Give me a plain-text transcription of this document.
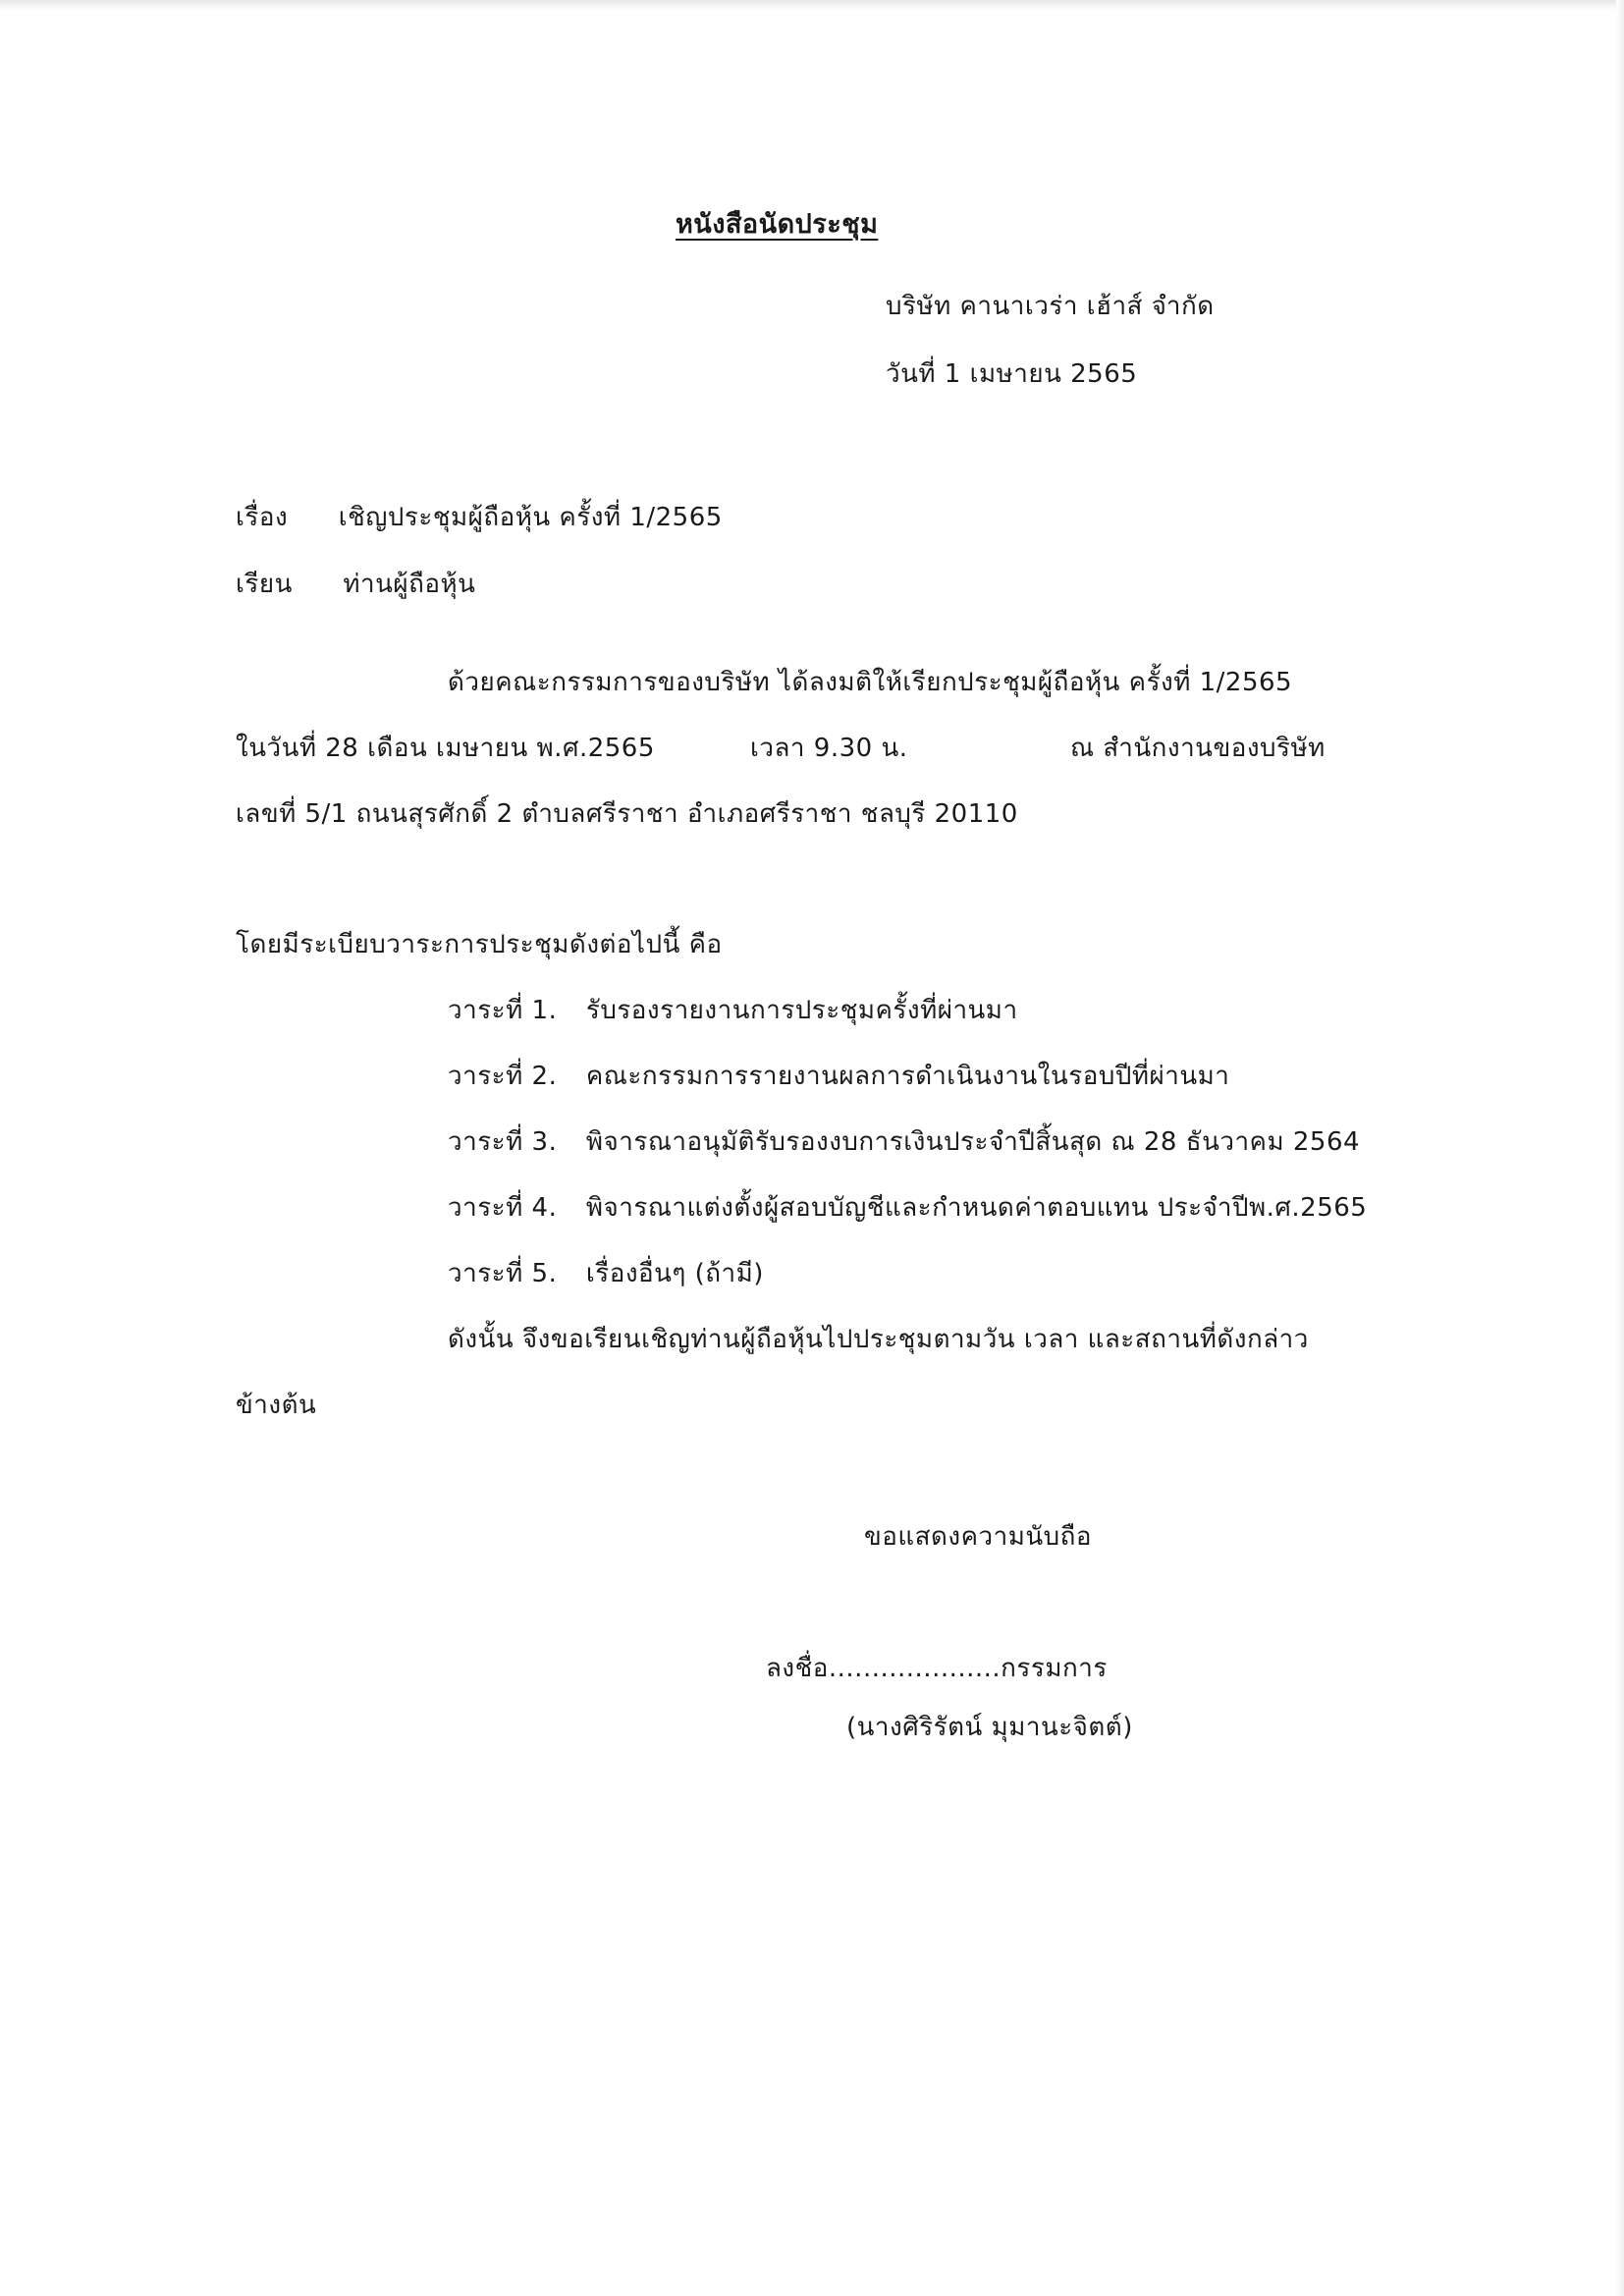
หนังสือนัดประชุม
บริษัท คานาเวร่า เฮ้าส์ จำกัด
วันที่ 1 เมษายน 2565
เรื่อง เชิญประชุมผู้ถือหุ้น ครั้งที่ 1/2565
เรียน ท่านผู้ถือหุ้น
ด้วยคณะกรรมการของบริษัท ได้ลงมติให้เรียกประชุมผู้ถือหุ้น ครั้งที่ 1/2565
ในวันที่ 28 เดือน เมษายน พ.ศ.2565	เวลา 9.30 น.	ณ สำนักงานของบริษัท
เลขที่ 5/1 ถนนสุรศักดิ์ 2 ตำบลศรีราชา อำเภอศรีราชา ชลบุรี 20110
โดยมีระเบียบวาระการประชุมดังต่อไปนี้ คือ
วาระที่ 1. รับรองรายงานการประชุมครั้งที่ผ่านมา
วาระที่ 2. คณะกรรมการรายงานผลการดำเนินงานในรอบปีที่ผ่านมา
วาระที่ 3. พิจารณาอนุมัติรับรองงบการเงินประจำปีสิ้นสุด ณ 28 ธันวาคม 2564
วาระที่ 4. พิจารณาแต่งตั้งผู้สอบบัญชีและกำหนดค่าตอบแทน ประจำปีพ.ศ.2565
วาระที่ 5. เรื่องอื่นๆ (ถ้ามี)
ดังนั้น จึงขอเรียนเชิญท่านผู้ถือหุ้นไปประชุมตามวัน เวลา และสถานที่ดังกล่าว
ข้างต้น
ขอแสดงความนับถือ
ลงชื่อ....................กรรมการ
(นางศิริรัตน์ มุมานะจิตต์)
